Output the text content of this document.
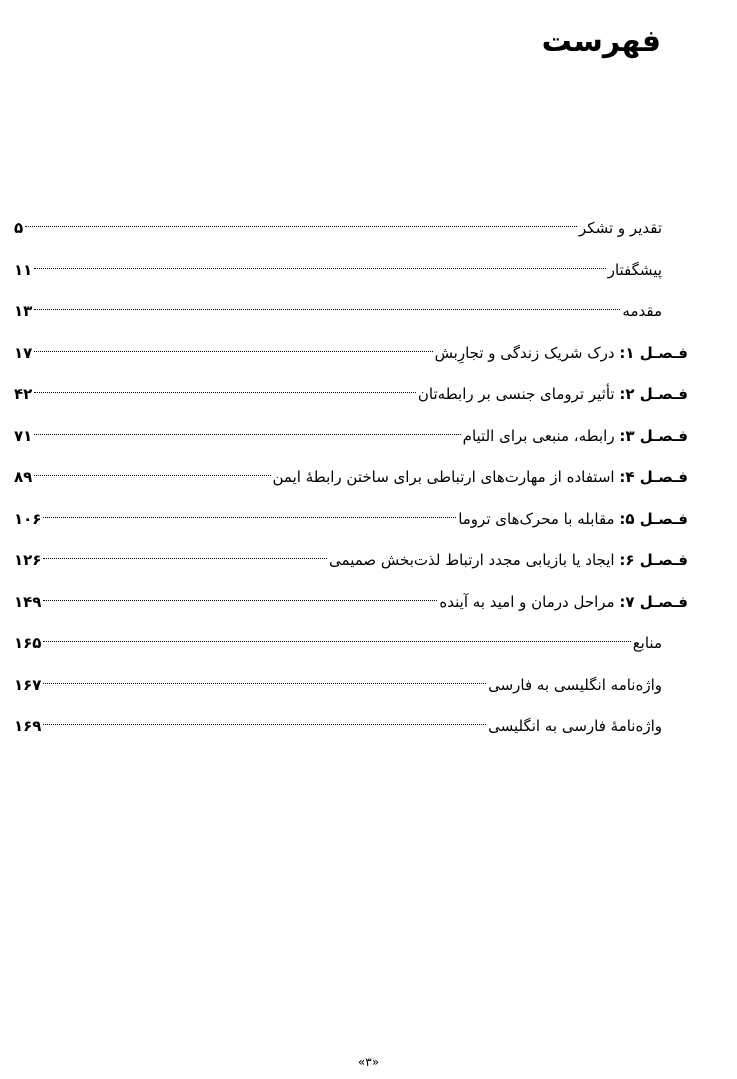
فهرست
تقدیر و تشکر
۵
پیشگفتار
۱۱
مقدمه
۱۳
فـصـل ۱: درک شریک زندگی و تجارِبش
۱۷
فـصـل ۲: تأثیر ترومای جنسی بر رابطه‌تان
۴۲
فـصـل ۳: رابطه، منبعی برای التیام
۷۱
فـصـل ۴: استفاده از مهارت‌های ارتباطی برای ساختن رابطۀ ایمن
۸۹
فـصـل ۵: مقابله با محرک‌های تروما
۱۰۶
فـصـل ۶: ایجاد یا بازیابی مجدد ارتباط لذت‌بخش صمیمی
۱۲۶
فـصـل ۷: مراحل درمان و امید به آینده
۱۴۹
منابع
۱۶۵
واژه‌نامه انگلیسی به فارسی
۱۶۷
واژه‌نامۀ فارسی به انگلیسی
۱۶۹
«۳»
